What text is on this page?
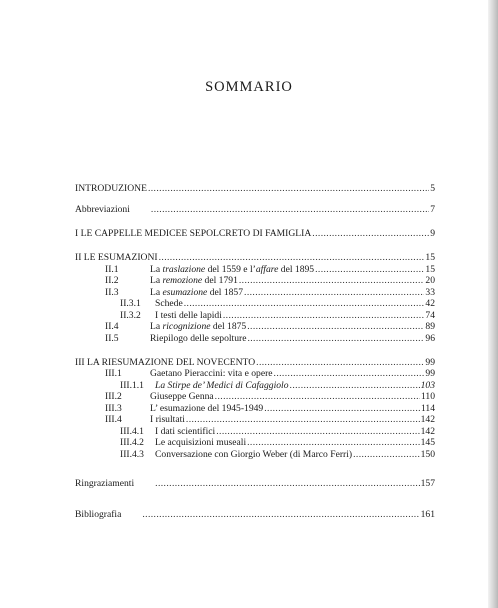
SOMMARIO
INTRODUZIONE .....	5
Abbreviazioni .....	7
I LE CAPPELLE MEDICEE SEPOLCRETO DI FAMIGLIA .....	9
II LE ESUMAZIONI .....	15
II.1	La traslazione del 1559 e l’affare del 1895 .....	15
II.2	La remozione del 1791 .....	20
II.3	La esumazione del 1857 .....	33
II.3.1	Schede .....	42
II.3.2	I testi delle lapidi .....	74
II.4	La ricognizione del 1875 .....	89
II.5	Riepilogo delle sepolture .....	96
III LA RIESUMAZIONE DEL NOVECENTO .....	99
III.1	Gaetano Pieraccini: vita e opere .....	99
III.1.1	La Stirpe de’ Medici di Cafaggiolo .....	103
III.2	Giuseppe Genna .....	110
III.3	L’ esumazione del 1945-1949 .....	114
III.4	I risultati .....	142
III.4.1	I dati scientifici .....	142
III.4.2	Le acquisizioni museali .....	145
III.4.3	Conversazione con Giorgio Weber (di Marco Ferri) .....	150
Ringraziamenti .....	157
Bibliografia .....	161
